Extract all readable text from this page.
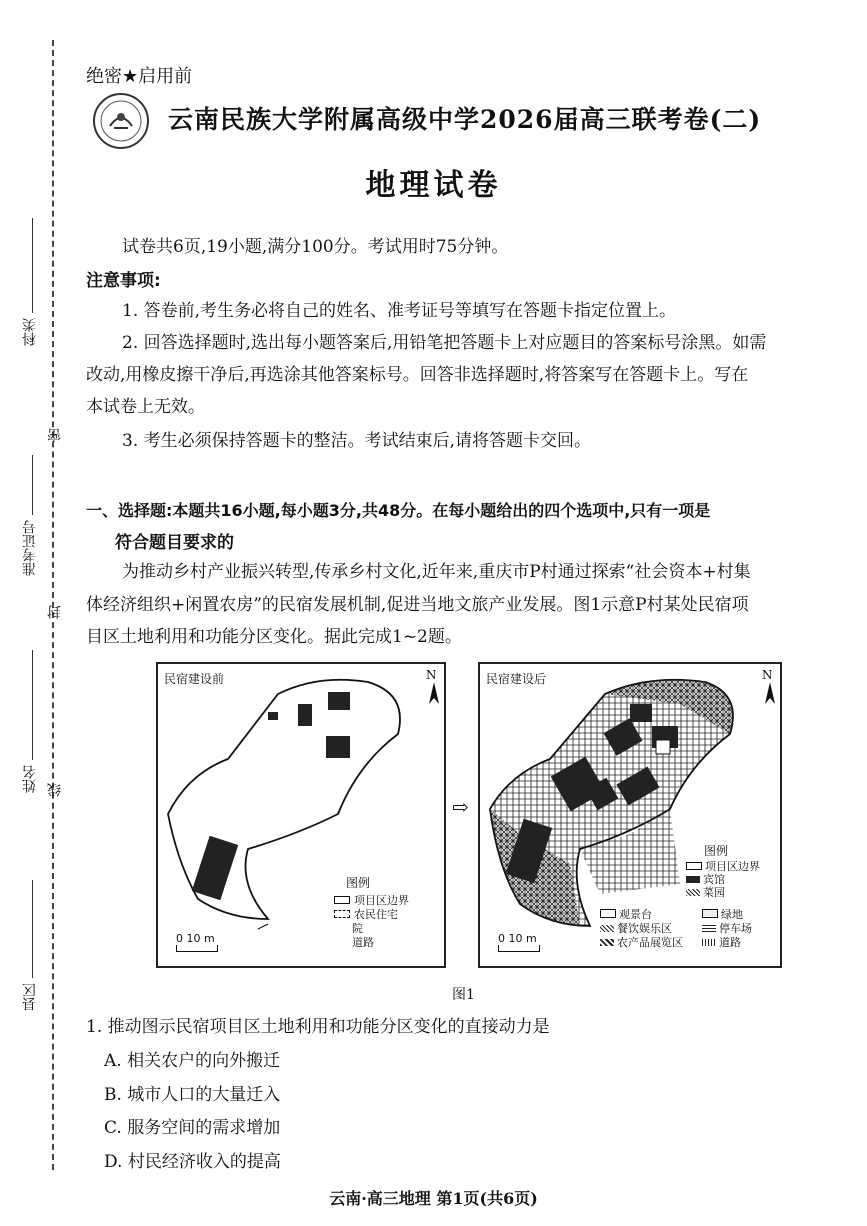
科类
密
准考证号
封
姓名 线
县区
绝密★启用前
云南民族大学附属高级中学2026届高三联考卷(二)
地理试卷
试卷共6页,19小题,满分100分。考试用时75分钟。
注意事项:
1. 答卷前,考生务必将自己的姓名、准考证号等填写在答题卡指定位置上。
2. 回答选择题时,选出每小题答案后,用铅笔把答题卡上对应题目的答案标号涂黑。如需
改动,用橡皮擦干净后,再选涂其他答案标号。回答非选择题时,将答案写在答题卡上。写在
本试卷上无效。
3. 考生必须保持答题卡的整洁。考试结束后,请将答题卡交回。
一、选择题:本题共16小题,每小题3分,共48分。在每小题给出的四个选项中,只有一项是
符合题目要求的
为推动乡村产业振兴转型,传承乡村文化,近年来,重庆市P村通过探索“社会资本+村集
体经济组织+闲置农房”的民宿发展机制,促进当地文旅产业发展。图1示意P村某处民宿项
目区土地利用和功能分区变化。据此完成1~2题。
民宿建设前	N
0 10 m
图例
项目区边界
农民住宅
院
道路
⇨
民宿建设后	N
0 10 m
图例
项目区边界
宾馆
菜园
观景台
餐饮娱乐区
农产品展览区
绿地
停车场
道路
图1
1. 推动图示民宿项目区土地利用和功能分区变化的直接动力是
A. 相关农户的向外搬迁
B. 城市人口的大量迁入
C. 服务空间的需求增加
D. 村民经济收入的提高
云南·高三地理 第1页(共6页)
